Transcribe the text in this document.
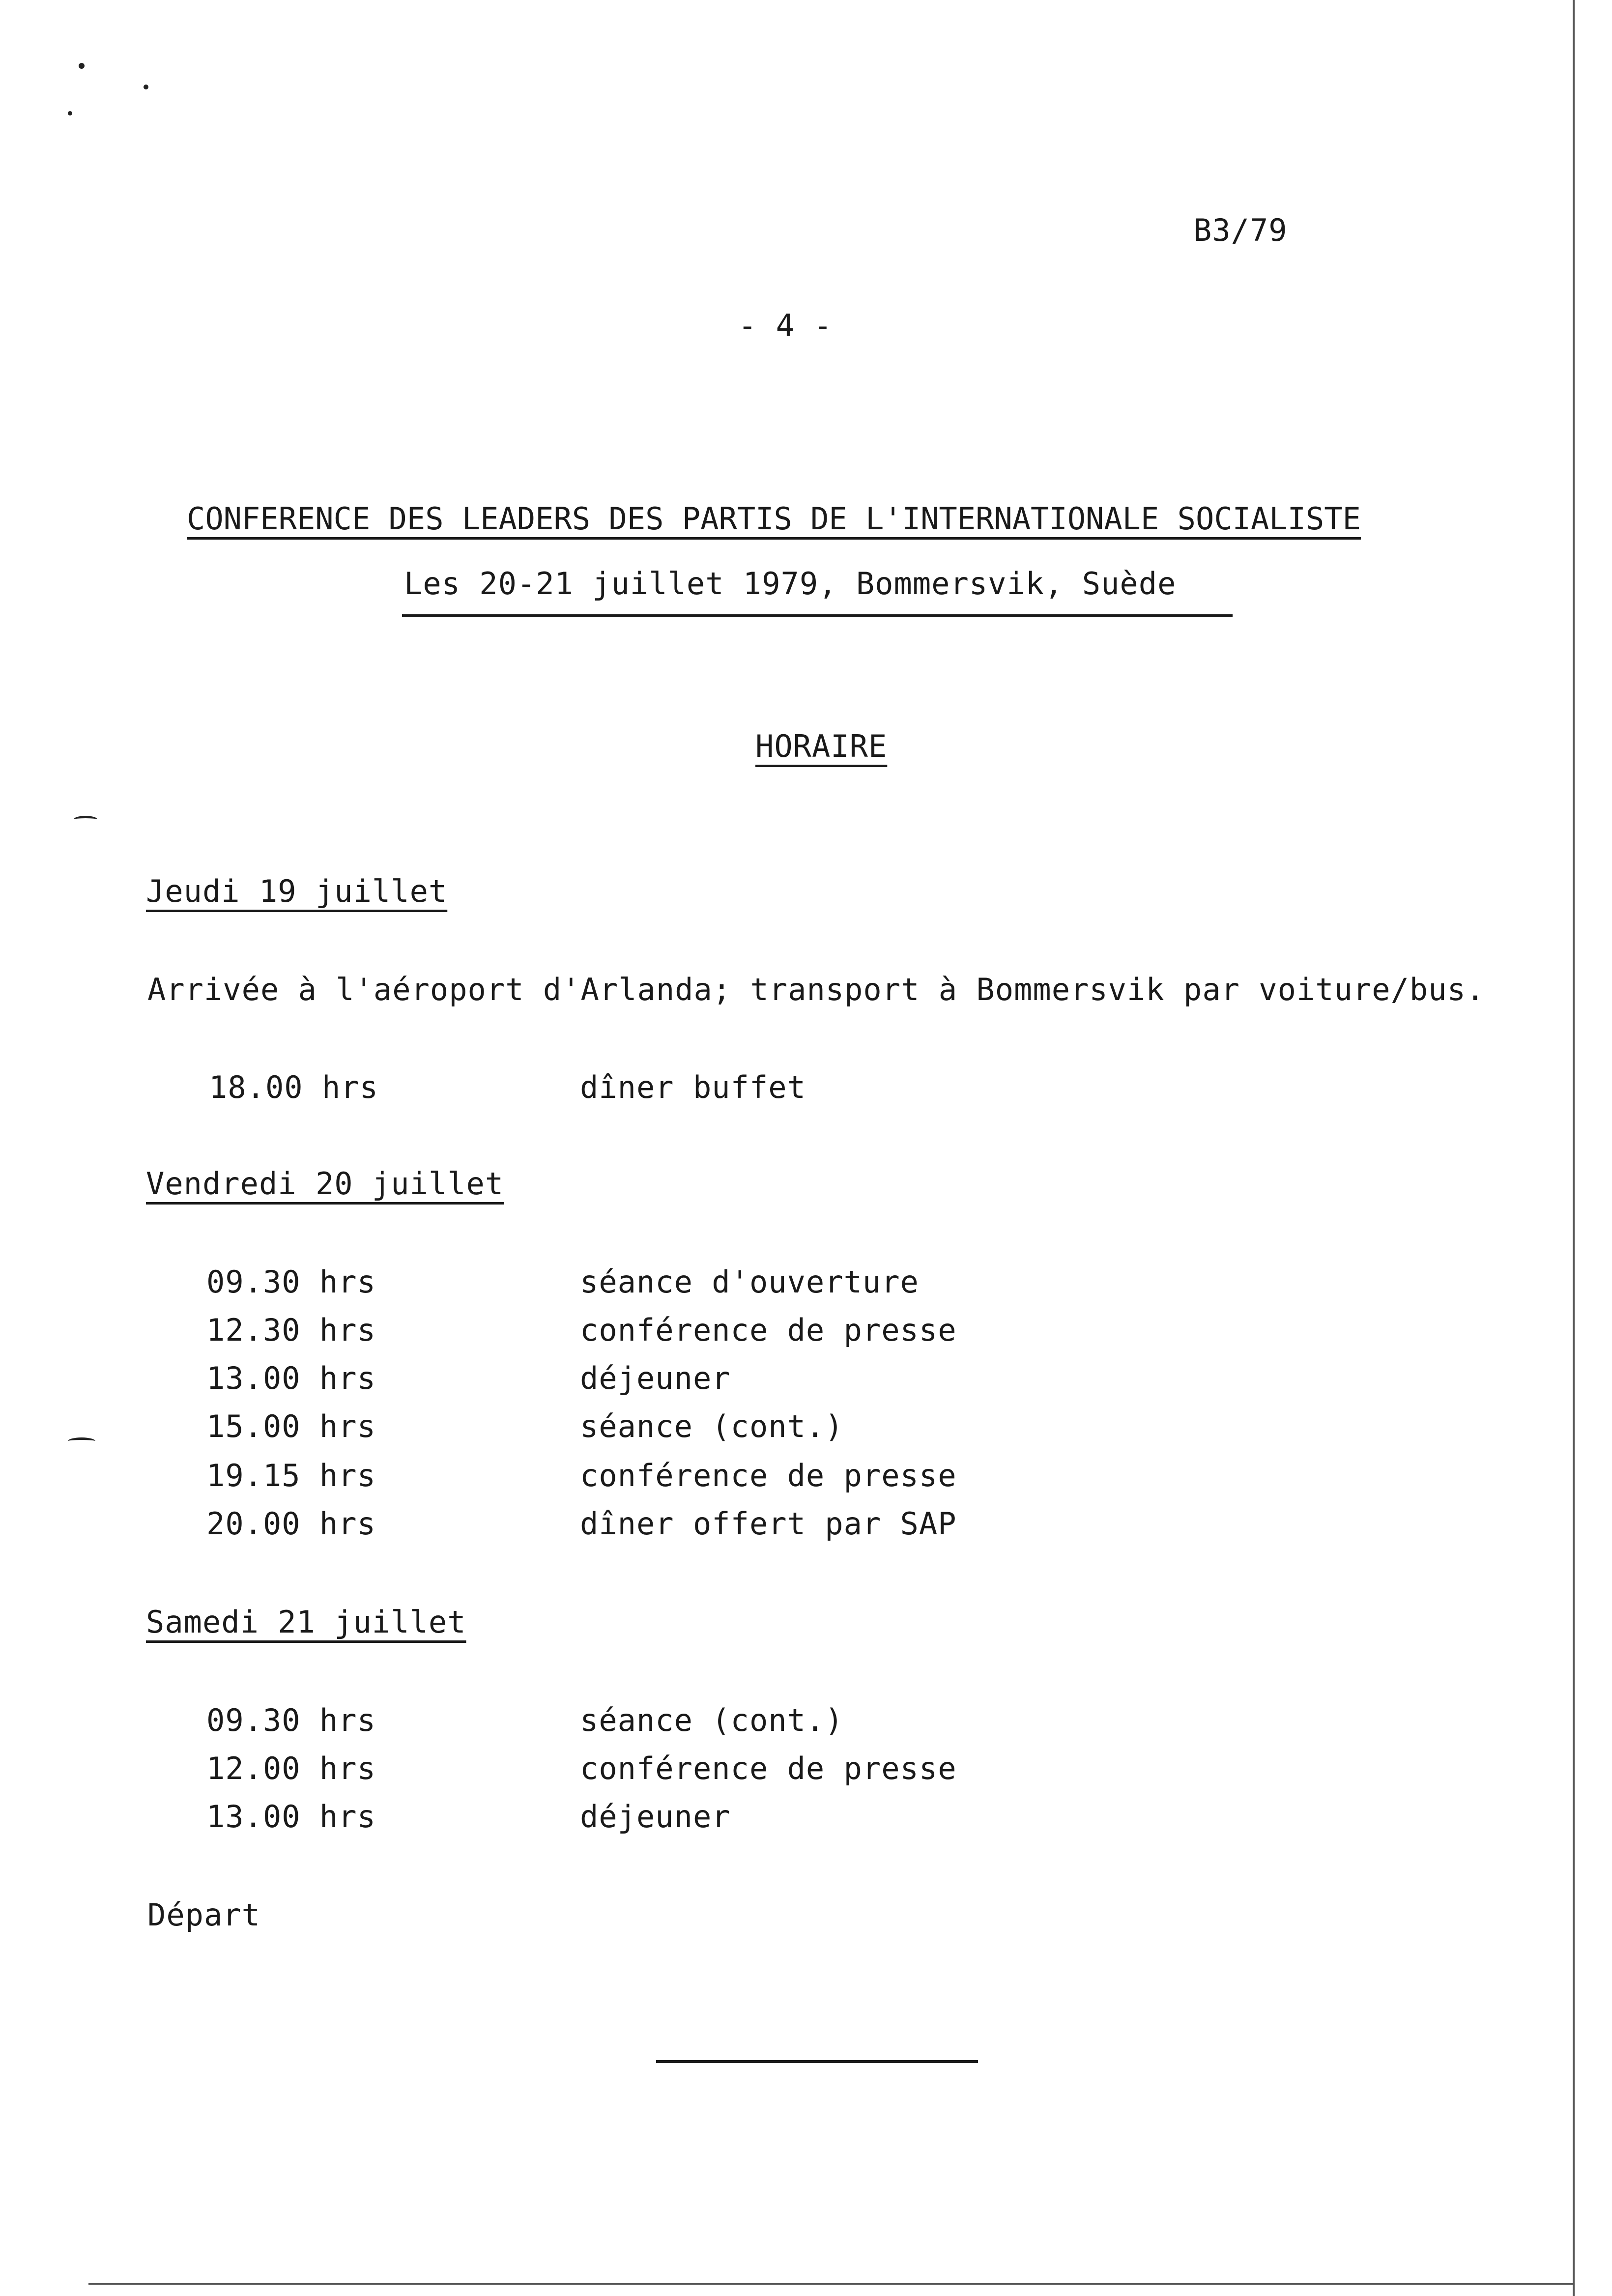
B3/79
- 4 -
CONFERENCE DES LEADERS DES PARTIS DE L'INTERNATIONALE SOCIALISTE
Les 20-21 juillet 1979, Bommersvik, Suède
HORAIRE
Jeudi 19 juillet
Arrivée à l'aéroport d'Arlanda; transport à Bommersvik par voiture/bus.
18.00 hrs	dîner buffet
Vendredi 20 juillet
09.30 hrs	séance d'ouverture
12.30 hrs	conférence de presse
13.00 hrs	déjeuner
15.00 hrs	séance (cont.)
19.15 hrs	conférence de presse
20.00 hrs	dîner offert par SAP
Samedi 21 juillet
09.30 hrs	séance (cont.)
12.00 hrs	conférence de presse
13.00 hrs	déjeuner
Départ
